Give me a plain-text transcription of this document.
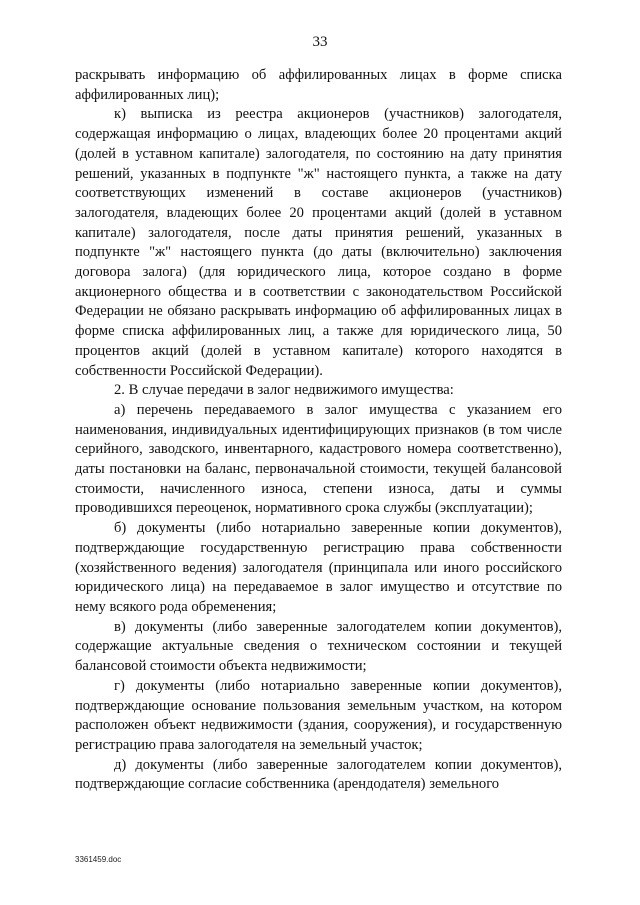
33

раскрывать информацию об аффилированных лицах в форме списка аффилированных лиц);

к) выписка из реестра акционеров (участников) залогодателя, содержащая информацию о лицах, владеющих более 20 процентами акций (долей в уставном капитале) залогодателя, по состоянию на дату принятия решений, указанных в подпункте "ж" настоящего пункта, а также на дату соответствующих изменений в составе акционеров (участников) залогодателя, владеющих более 20 процентами акций (долей в уставном капитале) залогодателя, после даты принятия решений, указанных в подпункте "ж" настоящего пункта (до даты (включительно) заключения договора залога) (для юридического лица, которое создано в форме акционерного общества и в соответствии с законодательством Российской Федерации не обязано раскрывать информацию об аффилированных лицах в форме списка аффилированных лиц, а также для юридического лица, 50 процентов акций (долей в уставном капитале) которого находятся в собственности Российской Федерации).

2. В случае передачи в залог недвижимого имущества:

а) перечень передаваемого в залог имущества с указанием его наименования, индивидуальных идентифицирующих признаков (в том числе серийного, заводского, инвентарного, кадастрового номера соответственно), даты постановки на баланс, первоначальной стоимости, текущей балансовой стоимости, начисленного износа, степени износа, даты и суммы проводившихся переоценок, нормативного срока службы (эксплуатации);

б) документы (либо нотариально заверенные копии документов), подтверждающие государственную регистрацию права собственности (хозяйственного ведения) залогодателя (принципала или иного российского юридического лица) на передаваемое в залог имущество и отсутствие по нему всякого рода обременения;

в) документы (либо заверенные залогодателем копии документов), содержащие актуальные сведения о техническом состоянии и текущей балансовой стоимости объекта недвижимости;

г) документы (либо нотариально заверенные копии документов), подтверждающие основание пользования земельным участком, на котором расположен объект недвижимости (здания, сооружения), и государственную регистрацию права залогодателя на земельный участок;

д) документы (либо заверенные залогодателем копии документов), подтверждающие согласие собственника (арендодателя) земельного

3361459.doc
